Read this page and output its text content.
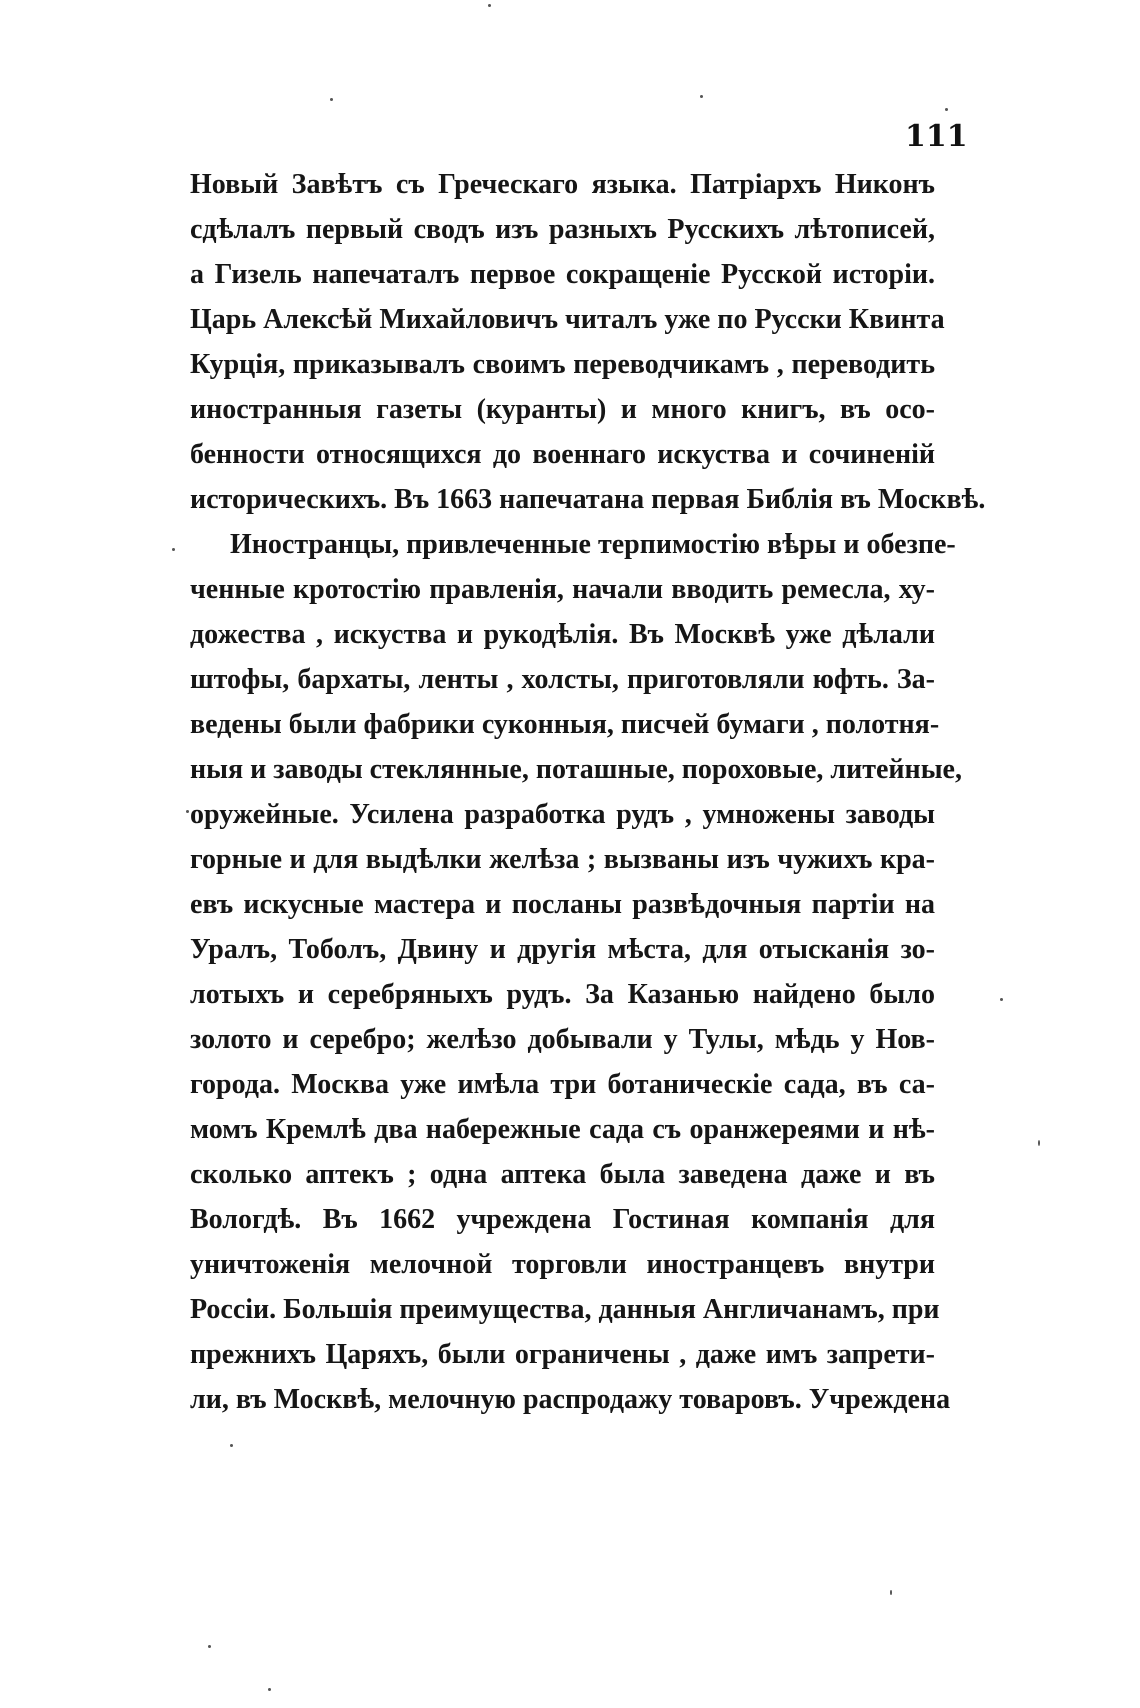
111
Новый Завѣтъ съ Греческаго языка. Патріархъ Никонъ
сдѣлалъ первый сводъ изъ разныхъ Русскихъ лѣтописей,
а Гизель напечаталъ первое сокращеніе Русской исторіи.
Царь Алексѣй Михайловичъ читалъ уже по Русски Квинта
Курція, приказывалъ своимъ переводчикамъ , переводить
иностранныя газеты (куранты) и много книгъ, въ осо-
бенности относящихся до военнаго искуства и сочиненій
историческихъ. Въ 1663 напечатана первая Библія въ Москвѣ.
Иностранцы, привлеченные терпимостію вѣры и обезпе-
ченные кротостію правленія, начали вводить ремесла, ху-
дожества , искуства и рукодѣлія. Въ Москвѣ уже дѣлали
штофы, бархаты, ленты , холсты, приготовляли юфть. За-
ведены были фабрики суконныя, писчей бумаги , полотня-
ныя и заводы стеклянные, поташные, пороховые, литейные,
оружейные. Усилена разработка рудъ , умножены заводы
горные и для выдѣлки желѣза ; вызваны изъ чужихъ кра-
евъ искусные мастера и посланы развѣдочныя партіи на
Уралъ, Тоболъ, Двину и другія мѣста, для отысканія зо-
лотыхъ и серебряныхъ рудъ. За Казанью найдено было
золото и серебро; желѣзо добывали у Тулы, мѣдь у Нов-
города. Москва уже имѣла три ботаническіе сада, въ са-
момъ Кремлѣ два набережные сада съ оранжереями и нѣ-
сколько аптекъ ; одна аптека была заведена даже и въ
Вологдѣ. Въ 1662 учреждена Гостиная компанія для
уничтоженія мелочной торговли иностранцевъ внутри
Россіи. Большія преимущества, данныя Англичанамъ, при
прежнихъ Царяхъ, были ограничены , даже имъ запрети-
ли, въ Москвѣ, мелочную распродажу товаровъ. Учреждена
